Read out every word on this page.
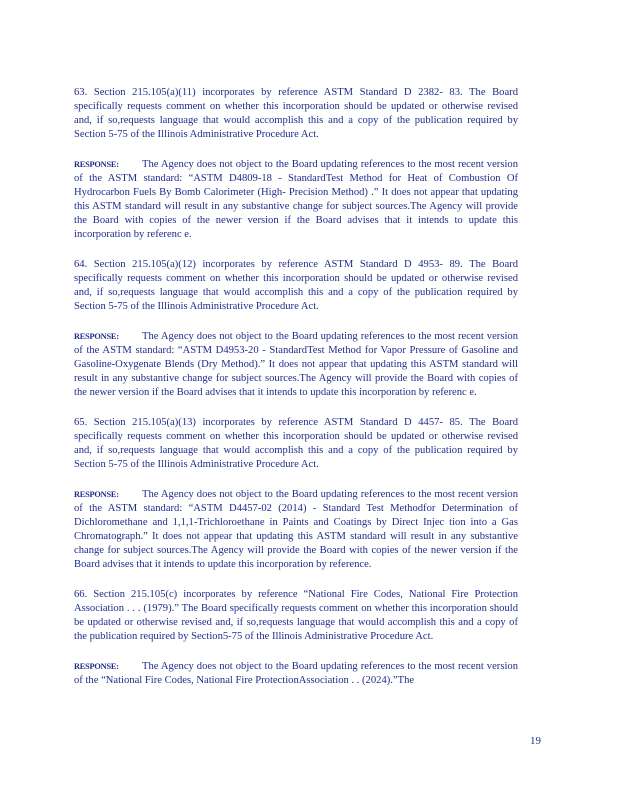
63. Section 215.105(a)(11) incorporates by reference ASTM Standard D 2382- 83. The Board specifically requests comment on whether this incorporation should be updated or otherwise revised and, if so,requests language that would accomplish this and a copy of the publication required by Section 5-75 of the Illinois Administrative Procedure Act.

RESPONSE: The Agency does not object to the Board updating references to the most recent version of the ASTM standard: “ASTM D4809-18 - StandardTest Method for Heat of Combustion Of Hydrocarbon Fuels By Bomb Calorimeter (High- Precision Method) .” It does not appear that updating this ASTM standard will result in any substantive change for subject sources.The Agency will provide the Board with copies of the newer version if the Board advises that it intends to update this incorporation by referenc e.

64. Section 215.105(a)(12) incorporates by reference ASTM Standard D 4953- 89. The Board specifically requests comment on whether this incorporation should be updated or otherwise revised and, if so,requests language that would accomplish this and a copy of the publication required by Section 5-75 of the Illinois Administrative Procedure Act.

RESPONSE: The Agency does not object to the Board updating references to the most recent version of the ASTM standard: “ASTM D4953-20 - StandardTest Method for Vapor Pressure of Gasoline and Gasoline-Oxygenate Blends (Dry Method).” It does not appear that updating this ASTM standard will result in any substantive change for subject sources.The Agency will provide the Board with copies of the newer version if the Board advises that it intends to update this incorporation by referenc e.

65. Section 215.105(a)(13) incorporates by reference ASTM Standard D 4457- 85. The Board specifically requests comment on whether this incorporation should be updated or otherwise revised and, if so,requests language that would accomplish this and a copy of the publication required by Section 5-75 of the Illinois Administrative Procedure Act.

RESPONSE: The Agency does not object to the Board updating references to the most recent version of the ASTM standard: “ASTM D4457-02 (2014) - Standard Test Methodfor Determination of Dichloromethane and 1,1,1-Trichloroethane in Paints and Coatings by Direct Injec tion into a Gas Chromatograph.” It does not appear that updating this ASTM standard will result in any substantive change for subject sources.The Agency will provide the Board with copies of the newer version if the Board advises that it intends to update this incorporation by reference.

66. Section 215.105(c) incorporates by reference “National Fire Codes, National Fire Protection Association . . . (1979).” The Board specifically requests comment on whether this incorporation should be updated or otherwise revised and, if so,requests language that would accomplish this and a copy of the publication required by Section5-75 of the Illinois Administrative Procedure Act.

RESPONSE: The Agency does not object to the Board updating references to the most recent version of the “National Fire Codes, National Fire ProtectionAssociation . . (2024).”The

19
